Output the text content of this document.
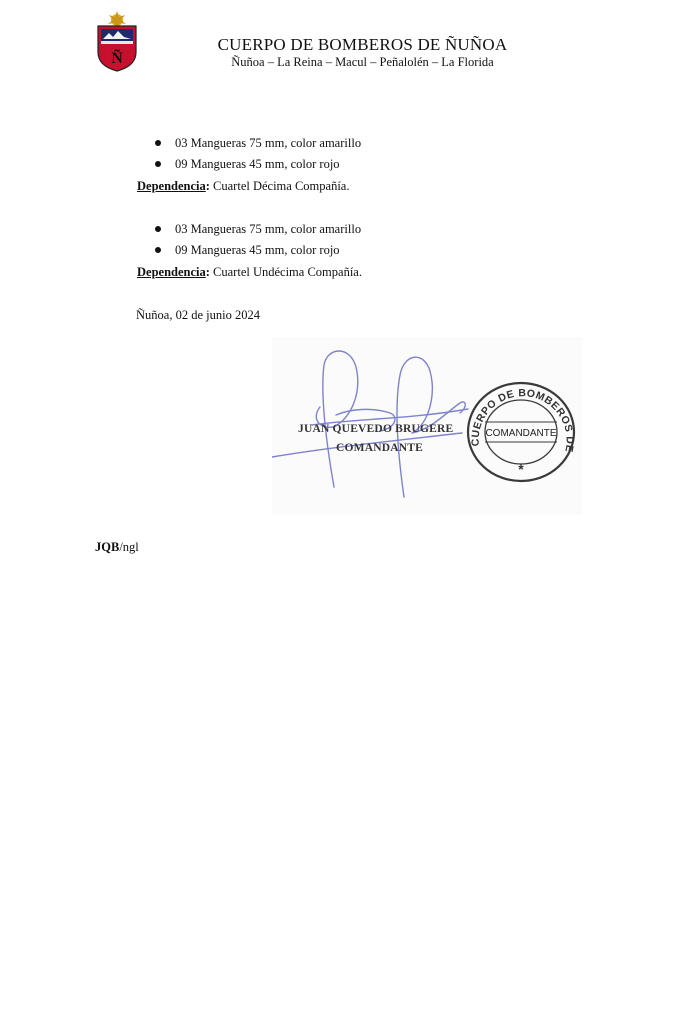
Ñ
CUERPO DE BOMBEROS DE ÑUÑOA
Ñuñoa – La Reina – Macul – Peñalolén – La Florida
03 Mangueras 75 mm, color amarillo
09 Mangueras 45 mm, color rojo
Dependencia: Cuartel Décima Compañía.
03 Mangueras 75 mm, color amarillo
09 Mangueras 45 mm, color rojo
Dependencia: Cuartel Undécima Compañía.
Ñuñoa, 02 de junio 2024
JUAN QUEVEDO BRUGERE
COMANDANTE	CUERPO DE BOMBEROS DE
COMANDANTE
*
JQB/ngl
